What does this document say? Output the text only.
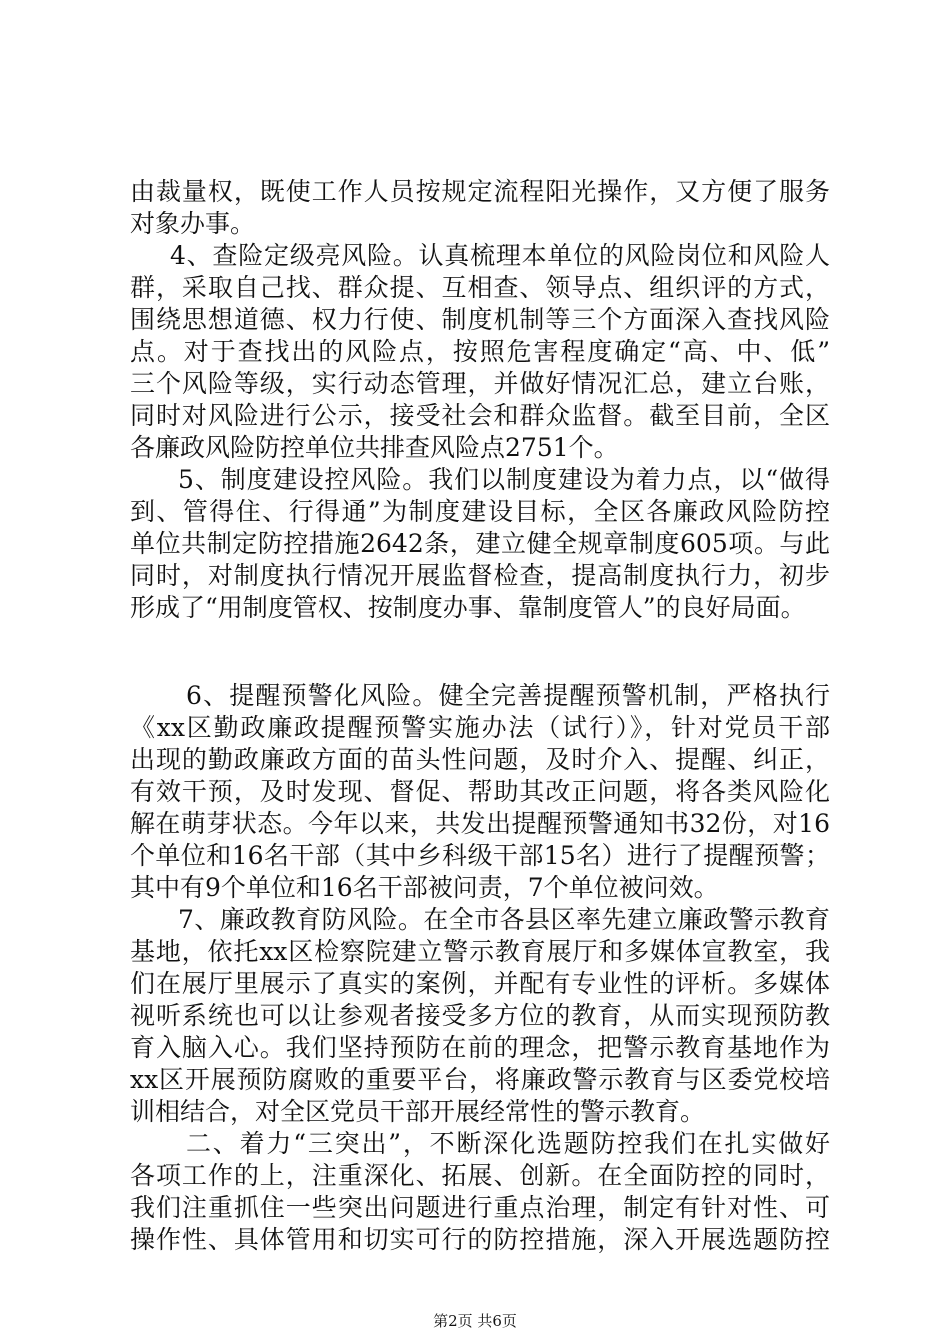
由裁量权，既使工作人员按规定流程阳光操作，又方便了服务
对象办事。
4、查险定级亮风险。认真梳理本单位的风险岗位和风险人
群，采取自己找、群众提、互相查、领导点、组织评的方式，
围绕思想道德、权力行使、制度机制等三个方面深入查找风险
点。对于查找出的风险点，按照危害程度确定“高、中、低”
三个风险等级，实行动态管理，并做好情况汇总，建立台账，
同时对风险进行公示，接受社会和群众监督。截至目前，全区
各廉政风险防控单位共排查风险点2751个。
5、制度建设控风险。我们以制度建设为着力点，以“做得
到、管得住、行得通”为制度建设目标，全区各廉政风险防控
单位共制定防控措施2642条，建立健全规章制度605项。与此
同时，对制度执行情况开展监督检查，提高制度执行力，初步
形成了“用制度管权、按制度办事、靠制度管人”的良好局面。
6、提醒预警化风险。健全完善提醒预警机制，严格执行
《xx区勤政廉政提醒预警实施办法（试行）》，针对党员干部
出现的勤政廉政方面的苗头性问题，及时介入、提醒、纠正，
有效干预，及时发现、督促、帮助其改正问题，将各类风险化
解在萌芽状态。今年以来，共发出提醒预警通知书32份，对16
个单位和16名干部（其中乡科级干部15名）进行了提醒预警；
其中有9个单位和16名干部被问责，7个单位被问效。
7、廉政教育防风险。在全市各县区率先建立廉政警示教育
基地，依托xx区检察院建立警示教育展厅和多媒体宣教室，我
们在展厅里展示了真实的案例，并配有专业性的评析。多媒体
视听系统也可以让参观者接受多方位的教育，从而实现预防教
育入脑入心。我们坚持预防在前的理念，把警示教育基地作为
xx区开展预防腐败的重要平台，将廉政警示教育与区委党校培
训相结合，对全区党员干部开展经常性的警示教育。
二、着力“三突出”，不断深化选题防控我们在扎实做好
各项工作的上，注重深化、拓展、创新。在全面防控的同时，
我们注重抓住一些突出问题进行重点治理，制定有针对性、可
操作性、具体管用和切实可行的防控措施，深入开展选题防控
第2页 共6页
